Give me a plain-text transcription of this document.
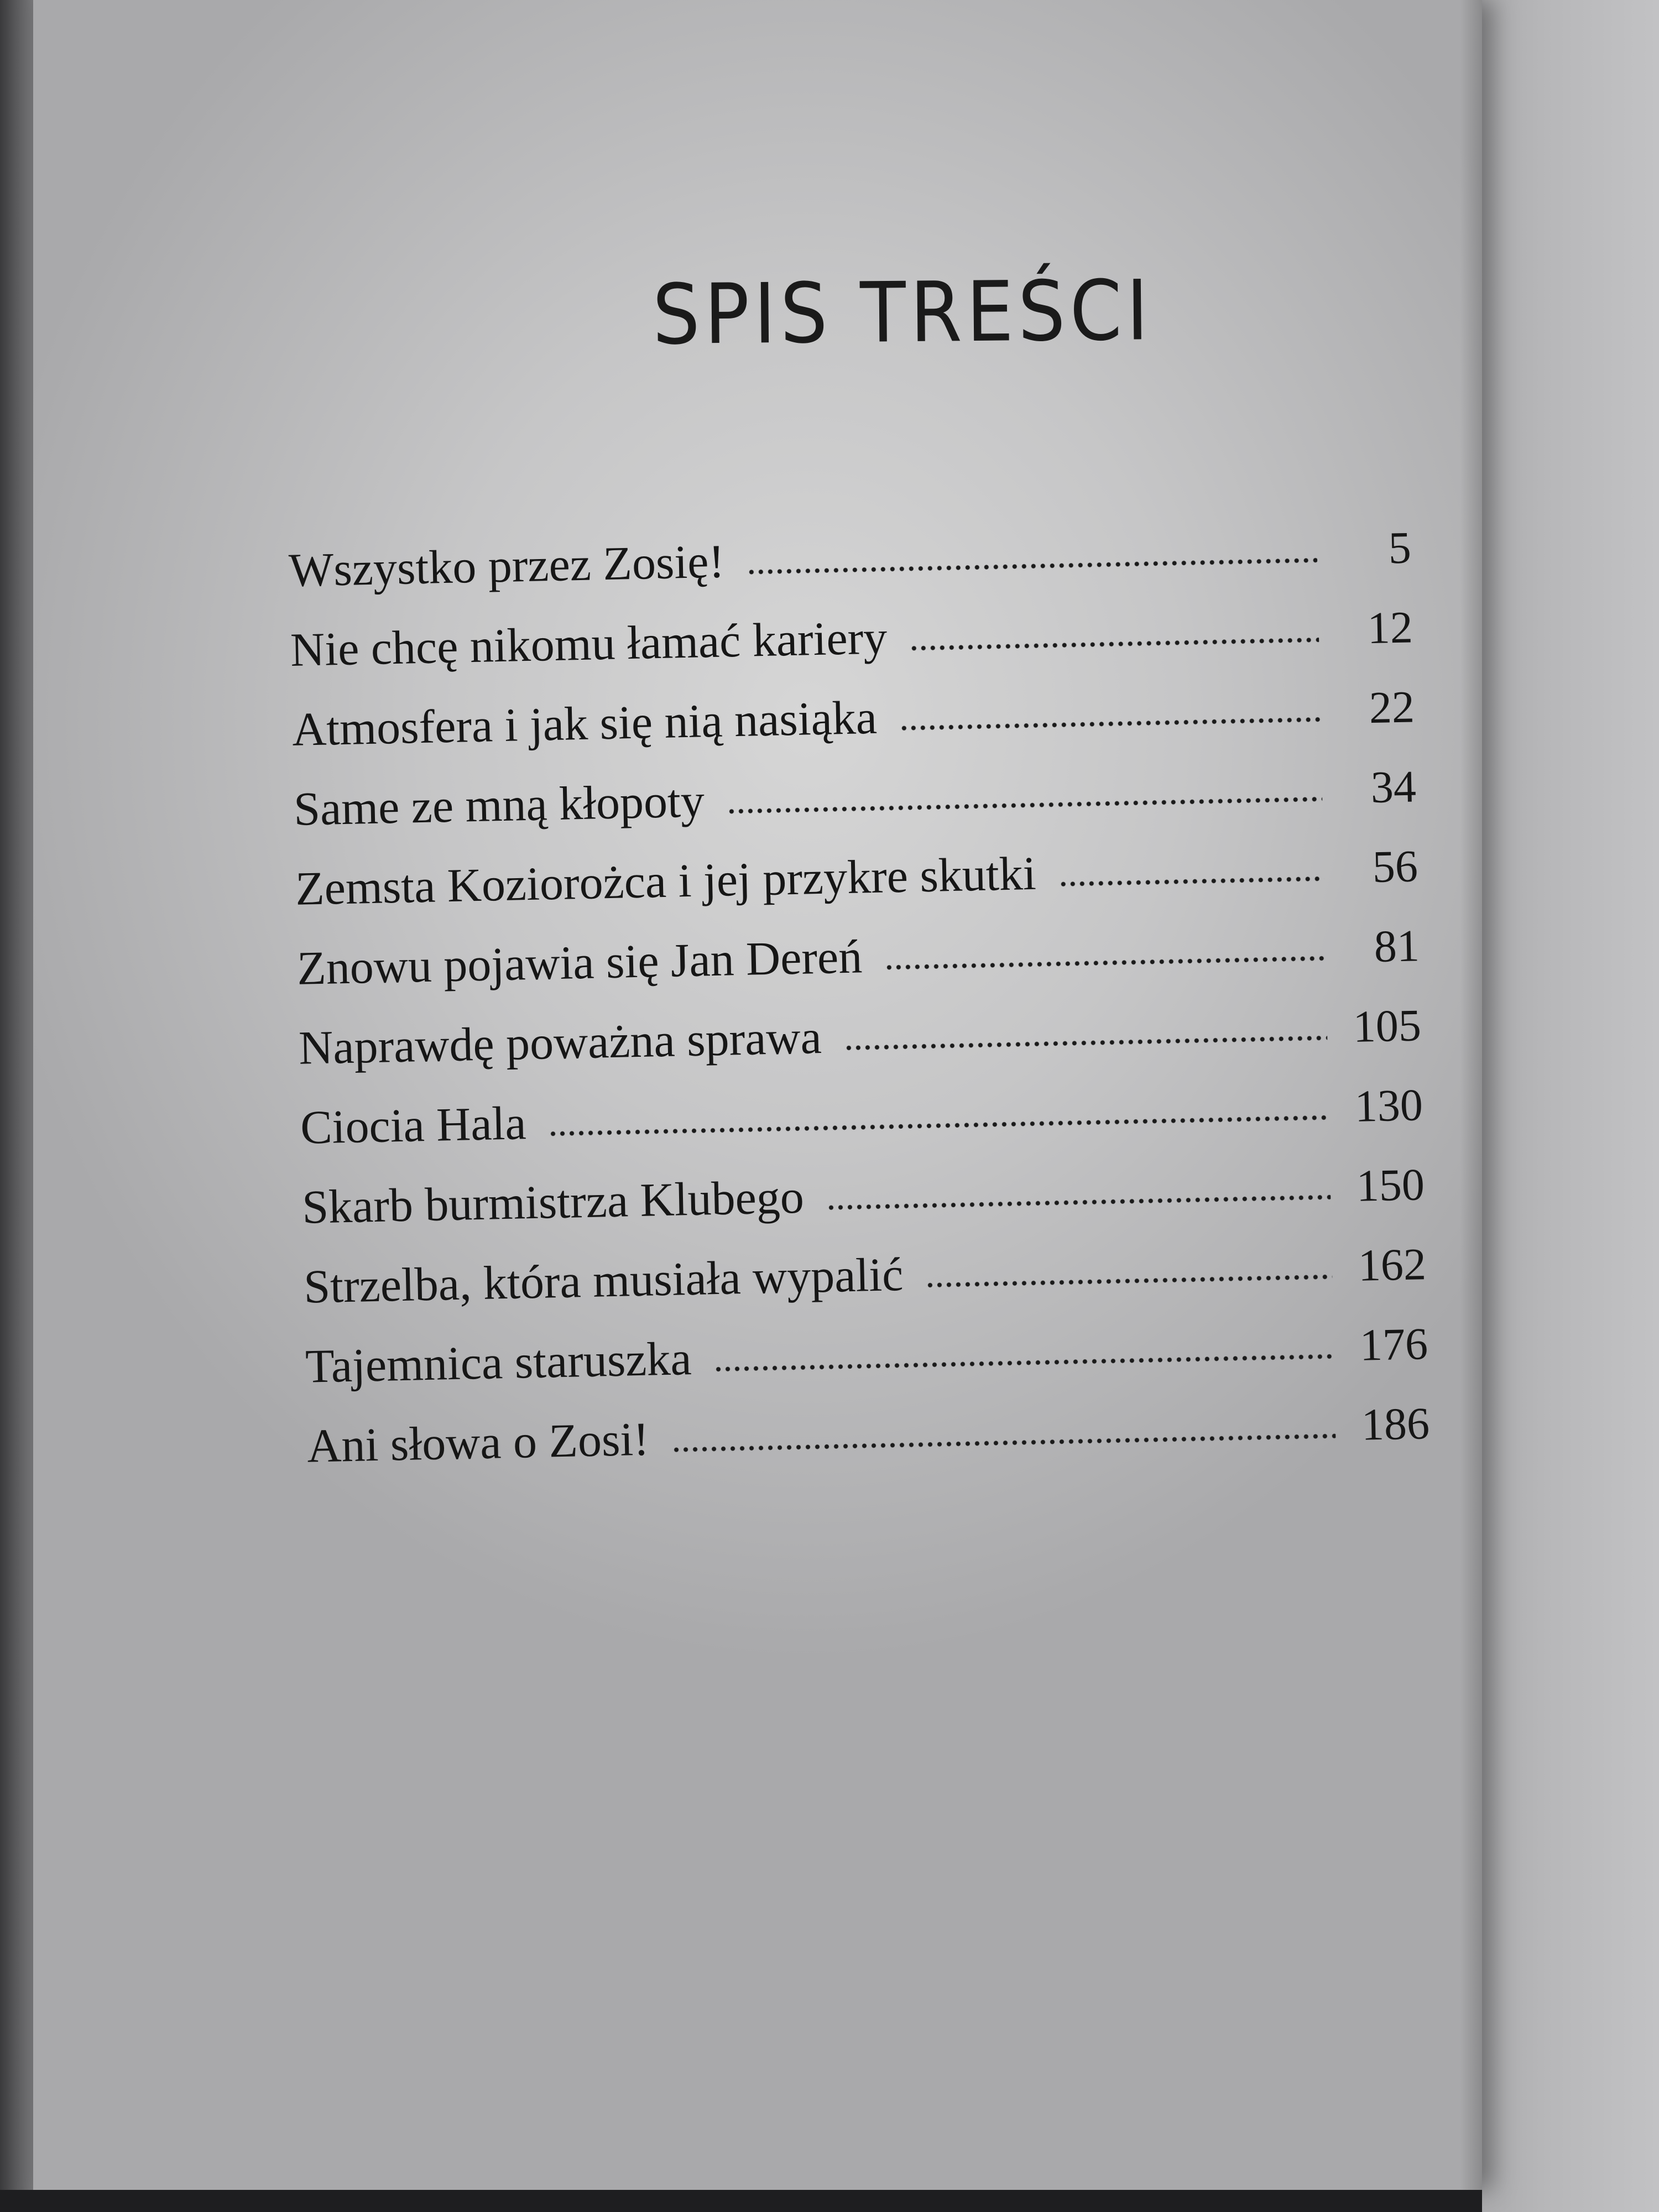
SPIS TREŚCI
Wszystko przez Zosię!	5
Nie chcę nikomu łamać kariery	12
Atmosfera i jak się nią nasiąka	22
Same ze mną kłopoty	34
Zemsta Koziorożca i jej przykre skutki	56
Znowu pojawia się Jan Dereń	81
Naprawdę poważna sprawa	105
Ciocia Hala	130
Skarb burmistrza Klubego	150
Strzelba, która musiała wypalić	162
Tajemnica staruszka	176
Ani słowa o Zosi!	186
